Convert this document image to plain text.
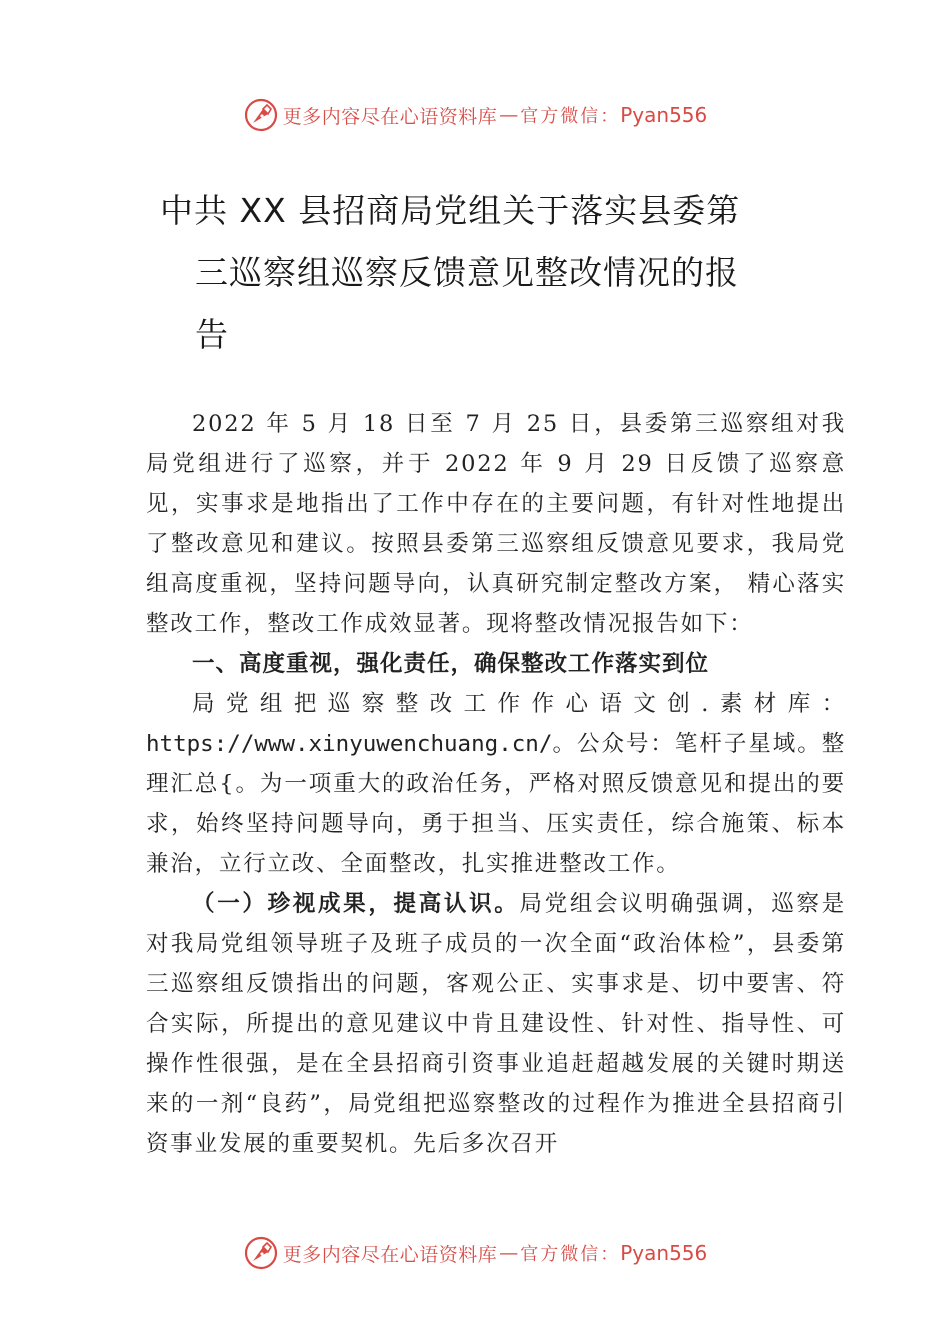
更多内容尽在心语资料库 — 官方微信： Pyan556
中共 XX 县招商局党组关于落实县委第
三巡察组巡察反馈意见整改情况的报
告

2022 年 5 月 18 日至 7 月 25 日，县委第三巡察组对我局党组进行了巡察，并于 2022 年 9 月 29 日反馈了巡察意见，实事求是地指出了工作中存在的主要问题，有针对性地提出了整改意见和建议。按照县委第三巡察组反馈意见要求，我局党组高度重视，坚持问题导向，认真研究制定整改方案， 精心落实整改工作，整改工作成效显著。现将整改情况报告如下：

一、高度重视，强化责任，确保整改工作落实到位

局党组把巡察整改工作作心语文创.素材库：https://www.xinyuwenchuang.cn/。公众号：笔杆子星域。整理汇总{。为一项重大的政治任务，严格对照反馈意见和提出的要求，始终坚持问题导向，勇于担当、压实责任，综合施策、标本兼治，立行立改、全面整改，扎实推进整改工作。

（一）珍视成果，提高认识。局党组会议明确强调，巡察是对我局党组领导班子及班子成员的一次全面“政治体检”，县委第三巡察组反馈指出的问题，客观公正、实事求是、切中要害、符合实际，所提出的意见建议中肯且建设性、针对性、指导性、可操作性很强，是在全县招商引资事业追赶超越发展的关键时期送来的一剂“良药”，局党组把巡察整改的过程作为推进全县招商引资事业发展的重要契机。先后多次召开

更多内容尽在心语资料库 — 官方微信： Pyan556
